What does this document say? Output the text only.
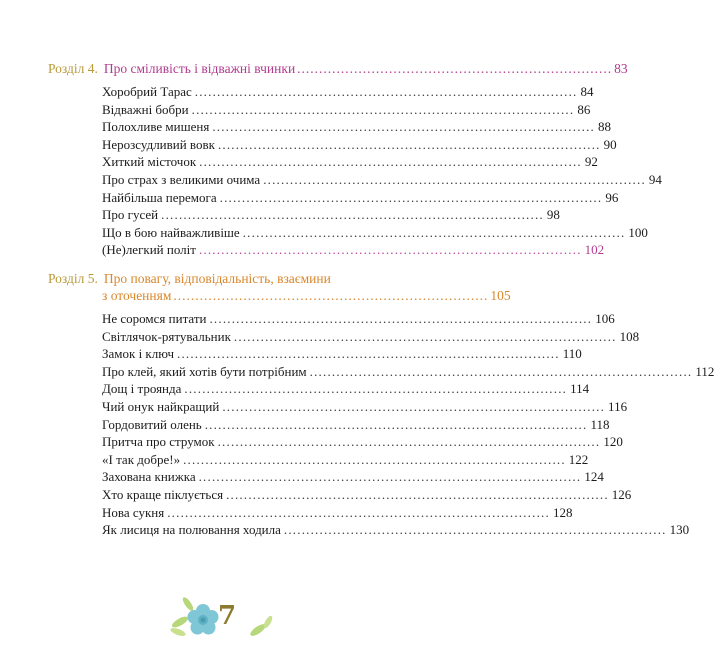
Розділ 4. Про сміливість і відважні вчинки ........................................................................ 83
Хоробрий Тарас ...................................................................................... 84
Відважні бобри ...................................................................................... 86
Полохливе мишеня ...................................................................................... 88
Нерозсудливий вовк ...................................................................................... 90
Хиткий місточок ...................................................................................... 92
Про страх з великими очима ...................................................................................... 94
Найбільша перемога ...................................................................................... 96
Про гусей ...................................................................................... 98
Що в бою найважливіше ...................................................................................... 100
(Не)легкий політ ...................................................................................... 102
Розділ 5. Про повагу, відповідальність, взаємини
з оточенням ........................................................................ 105
Не соромся питати ...................................................................................... 106
Світлячок-рятувальник ...................................................................................... 108
Замок і ключ ...................................................................................... 110
Про клей, який хотів бути потрібним ...................................................................................... 112
Дощ і троянда ...................................................................................... 114
Чий онук найкращий ...................................................................................... 116
Гордовитий олень ...................................................................................... 118
Притча про струмок ...................................................................................... 120
«І так добре!» ...................................................................................... 122
Захована книжка ...................................................................................... 124
Хто краще піклується ...................................................................................... 126
Нова сукня ...................................................................................... 128
Як лисиця на полювання ходила ...................................................................................... 130
7
